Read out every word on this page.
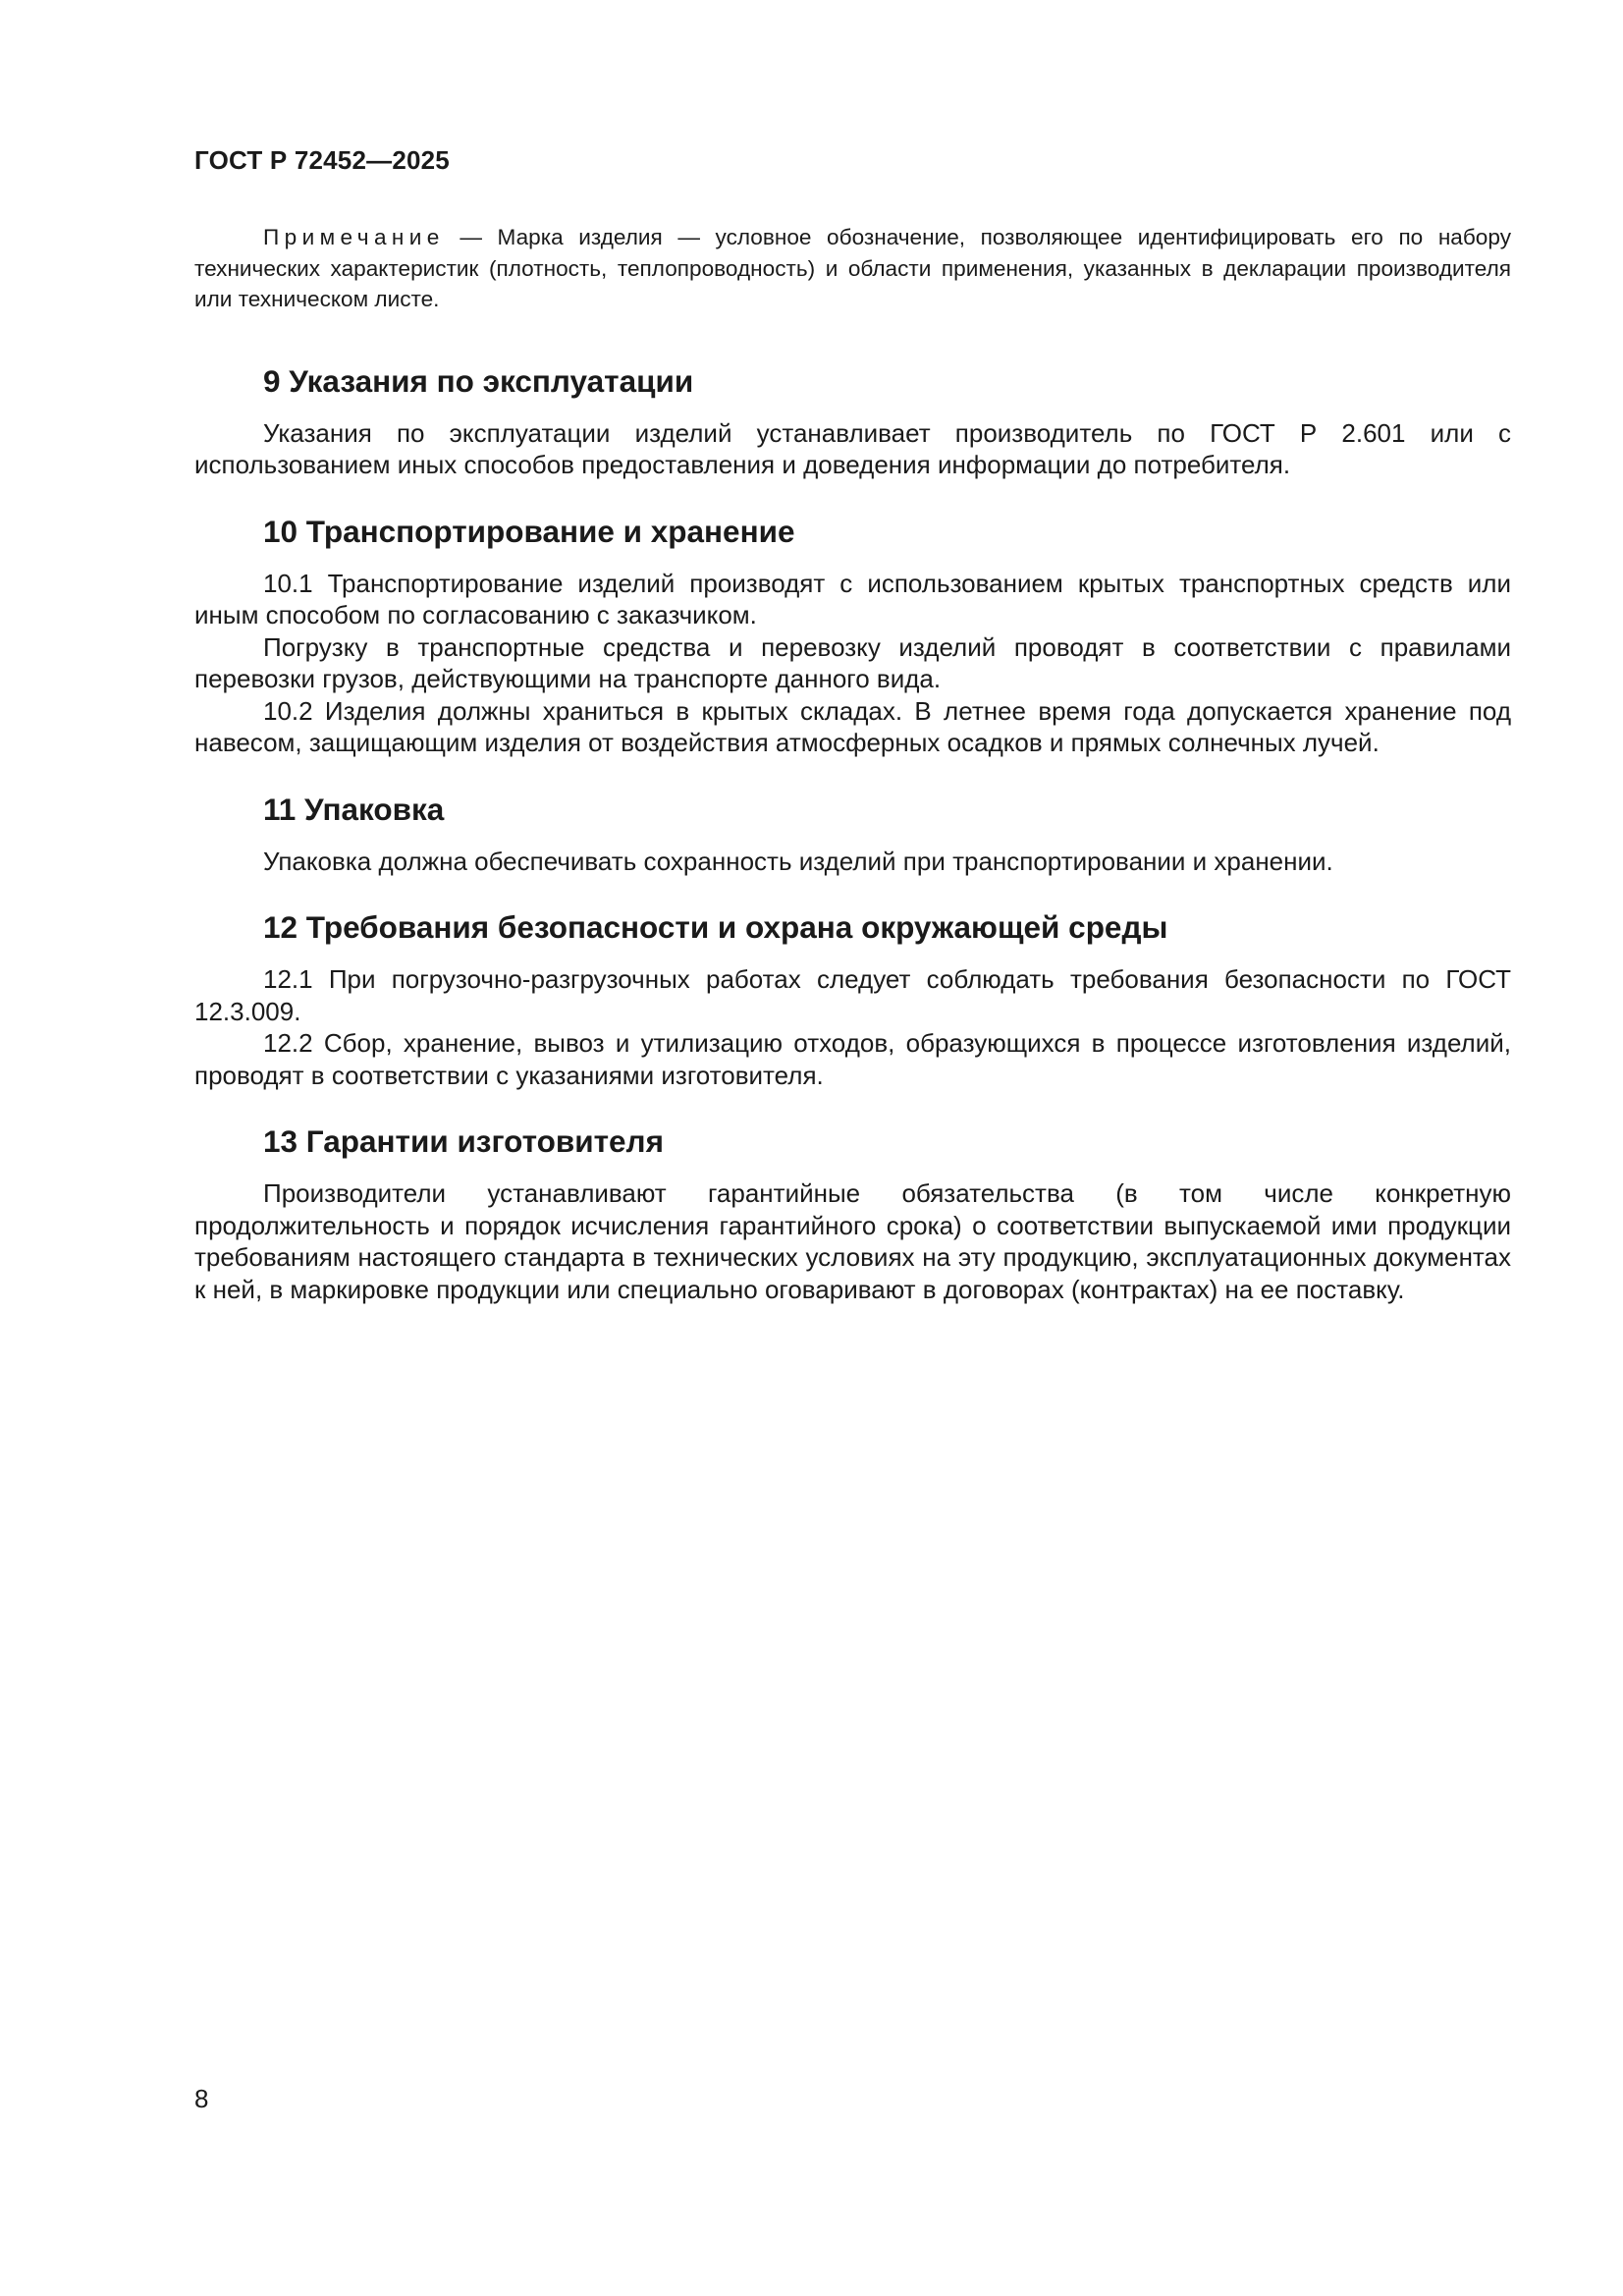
ГОСТ Р 72452—2025

Примечание — Марка изделия — условное обозначение, позволяющее идентифицировать его по набору технических характеристик (плотность, теплопроводность) и области применения, указанных в декларации производителя или техническом листе.

9 Указания по эксплуатации

Указания по эксплуатации изделий устанавливает производитель по ГОСТ Р 2.601 или с использованием иных способов предоставления и доведения информации до потребителя.

10 Транспортирование и хранение

10.1 Транспортирование изделий производят с использованием крытых транспортных средств или иным способом по согласованию с заказчиком.

Погрузку в транспортные средства и перевозку изделий проводят в соответствии с правилами перевозки грузов, действующими на транспорте данного вида.

10.2 Изделия должны храниться в крытых складах. В летнее время года допускается хранение под навесом, защищающим изделия от воздействия атмосферных осадков и прямых солнечных лучей.

11 Упаковка

Упаковка должна обеспечивать сохранность изделий при транспортировании и хранении.

12 Требования безопасности и охрана окружающей среды

12.1 При погрузочно-разгрузочных работах следует соблюдать требования безопасности по ГОСТ 12.3.009.

12.2 Сбор, хранение, вывоз и утилизацию отходов, образующихся в процессе изготовления изделий, проводят в соответствии с указаниями изготовителя.

13 Гарантии изготовителя

Производители устанавливают гарантийные обязательства (в том числе конкретную продолжительность и порядок исчисления гарантийного срока) о соответствии выпускаемой ими продукции требованиям настоящего стандарта в технических условиях на эту продукцию, эксплуатационных документах к ней, в маркировке продукции или специально оговаривают в договорах (контрактах) на ее поставку.

8
